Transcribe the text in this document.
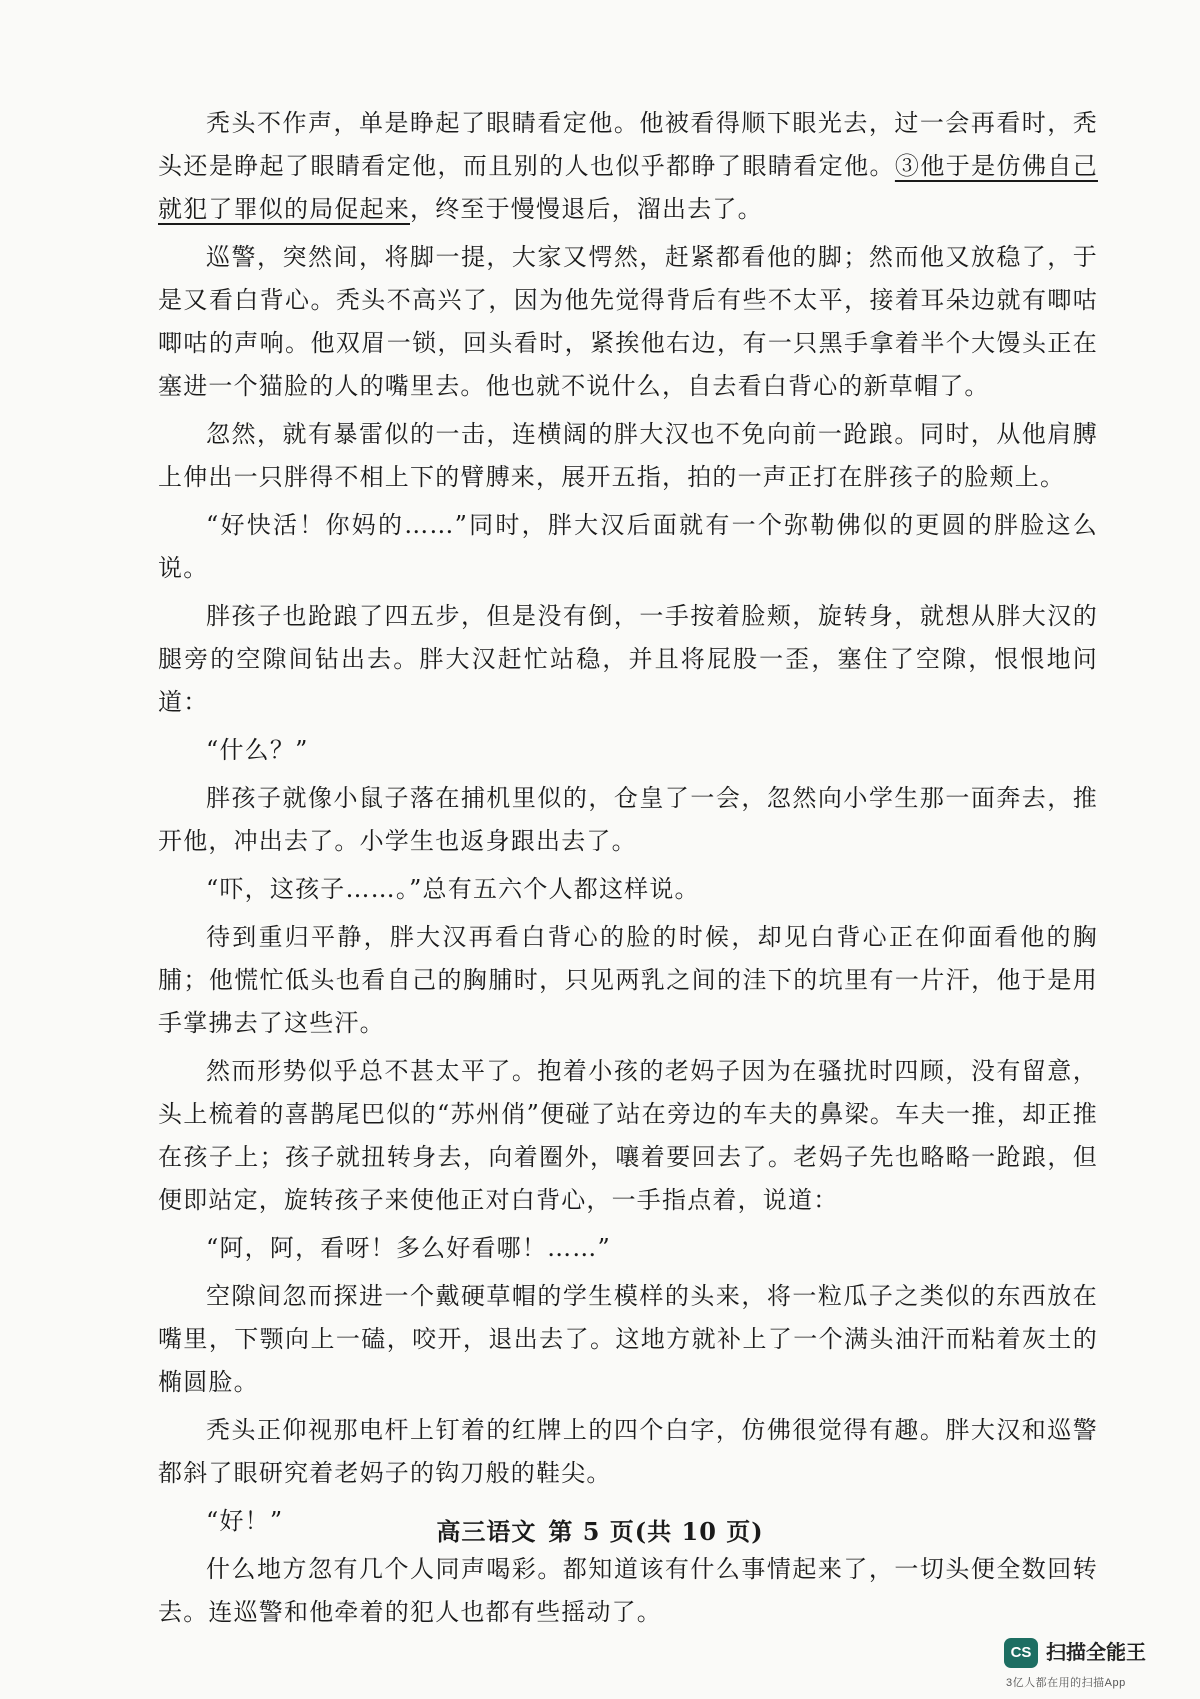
秃头不作声，单是睁起了眼睛看定他。他被看得顺下眼光去，过一会再看时，秃头还是睁起了眼睛看定他，而且别的人也似乎都睁了眼睛看定他。③他于是仿佛自己就犯了罪似的局促起来，终至于慢慢退后，溜出去了。

巡警，突然间，将脚一提，大家又愕然，赶紧都看他的脚；然而他又放稳了，于是又看白背心。秃头不高兴了，因为他先觉得背后有些不太平，接着耳朵边就有唧咕唧咕的声响。他双眉一锁，回头看时，紧挨他右边，有一只黑手拿着半个大馒头正在塞进一个猫脸的人的嘴里去。他也就不说什么，自去看白背心的新草帽了。

忽然，就有暴雷似的一击，连横阔的胖大汉也不免向前一跄踉。同时，从他肩膊上伸出一只胖得不相上下的臂膊来，展开五指，拍的一声正打在胖孩子的脸颊上。

“好快活！你妈的……”同时，胖大汉后面就有一个弥勒佛似的更圆的胖脸这么说。

胖孩子也跄踉了四五步，但是没有倒，一手按着脸颊，旋转身，就想从胖大汉的腿旁的空隙间钻出去。胖大汉赶忙站稳，并且将屁股一歪，塞住了空隙，恨恨地问道：

“什么？”

胖孩子就像小鼠子落在捕机里似的，仓皇了一会，忽然向小学生那一面奔去，推开他，冲出去了。小学生也返身跟出去了。

“吓，这孩子……。”总有五六个人都这样说。

待到重归平静，胖大汉再看白背心的脸的时候，却见白背心正在仰面看他的胸脯；他慌忙低头也看自己的胸脯时，只见两乳之间的洼下的坑里有一片汗，他于是用手掌拂去了这些汗。

然而形势似乎总不甚太平了。抱着小孩的老妈子因为在骚扰时四顾，没有留意，头上梳着的喜鹊尾巴似的“苏州俏”便碰了站在旁边的车夫的鼻梁。车夫一推，却正推在孩子上；孩子就扭转身去，向着圈外，嚷着要回去了。老妈子先也略略一跄踉，但便即站定，旋转孩子来使他正对白背心，一手指点着，说道：

“阿，阿，看呀！多么好看哪！……”

空隙间忽而探进一个戴硬草帽的学生模样的头来，将一粒瓜子之类似的东西放在嘴里，下颚向上一磕，咬开，退出去了。这地方就补上了一个满头油汗而粘着灰土的椭圆脸。

秃头正仰视那电杆上钉着的红牌上的四个白字，仿佛很觉得有趣。胖大汉和巡警都斜了眼研究着老妈子的钩刀般的鞋尖。

“好！”

什么地方忽有几个人同声喝彩。都知道该有什么事情起来了，一切头便全数回转去。连巡警和他牵着的犯人也都有些摇动了。

高三语文 第 5 页(共 10 页)
CS 扫描全能王
3亿人都在用的扫描App
